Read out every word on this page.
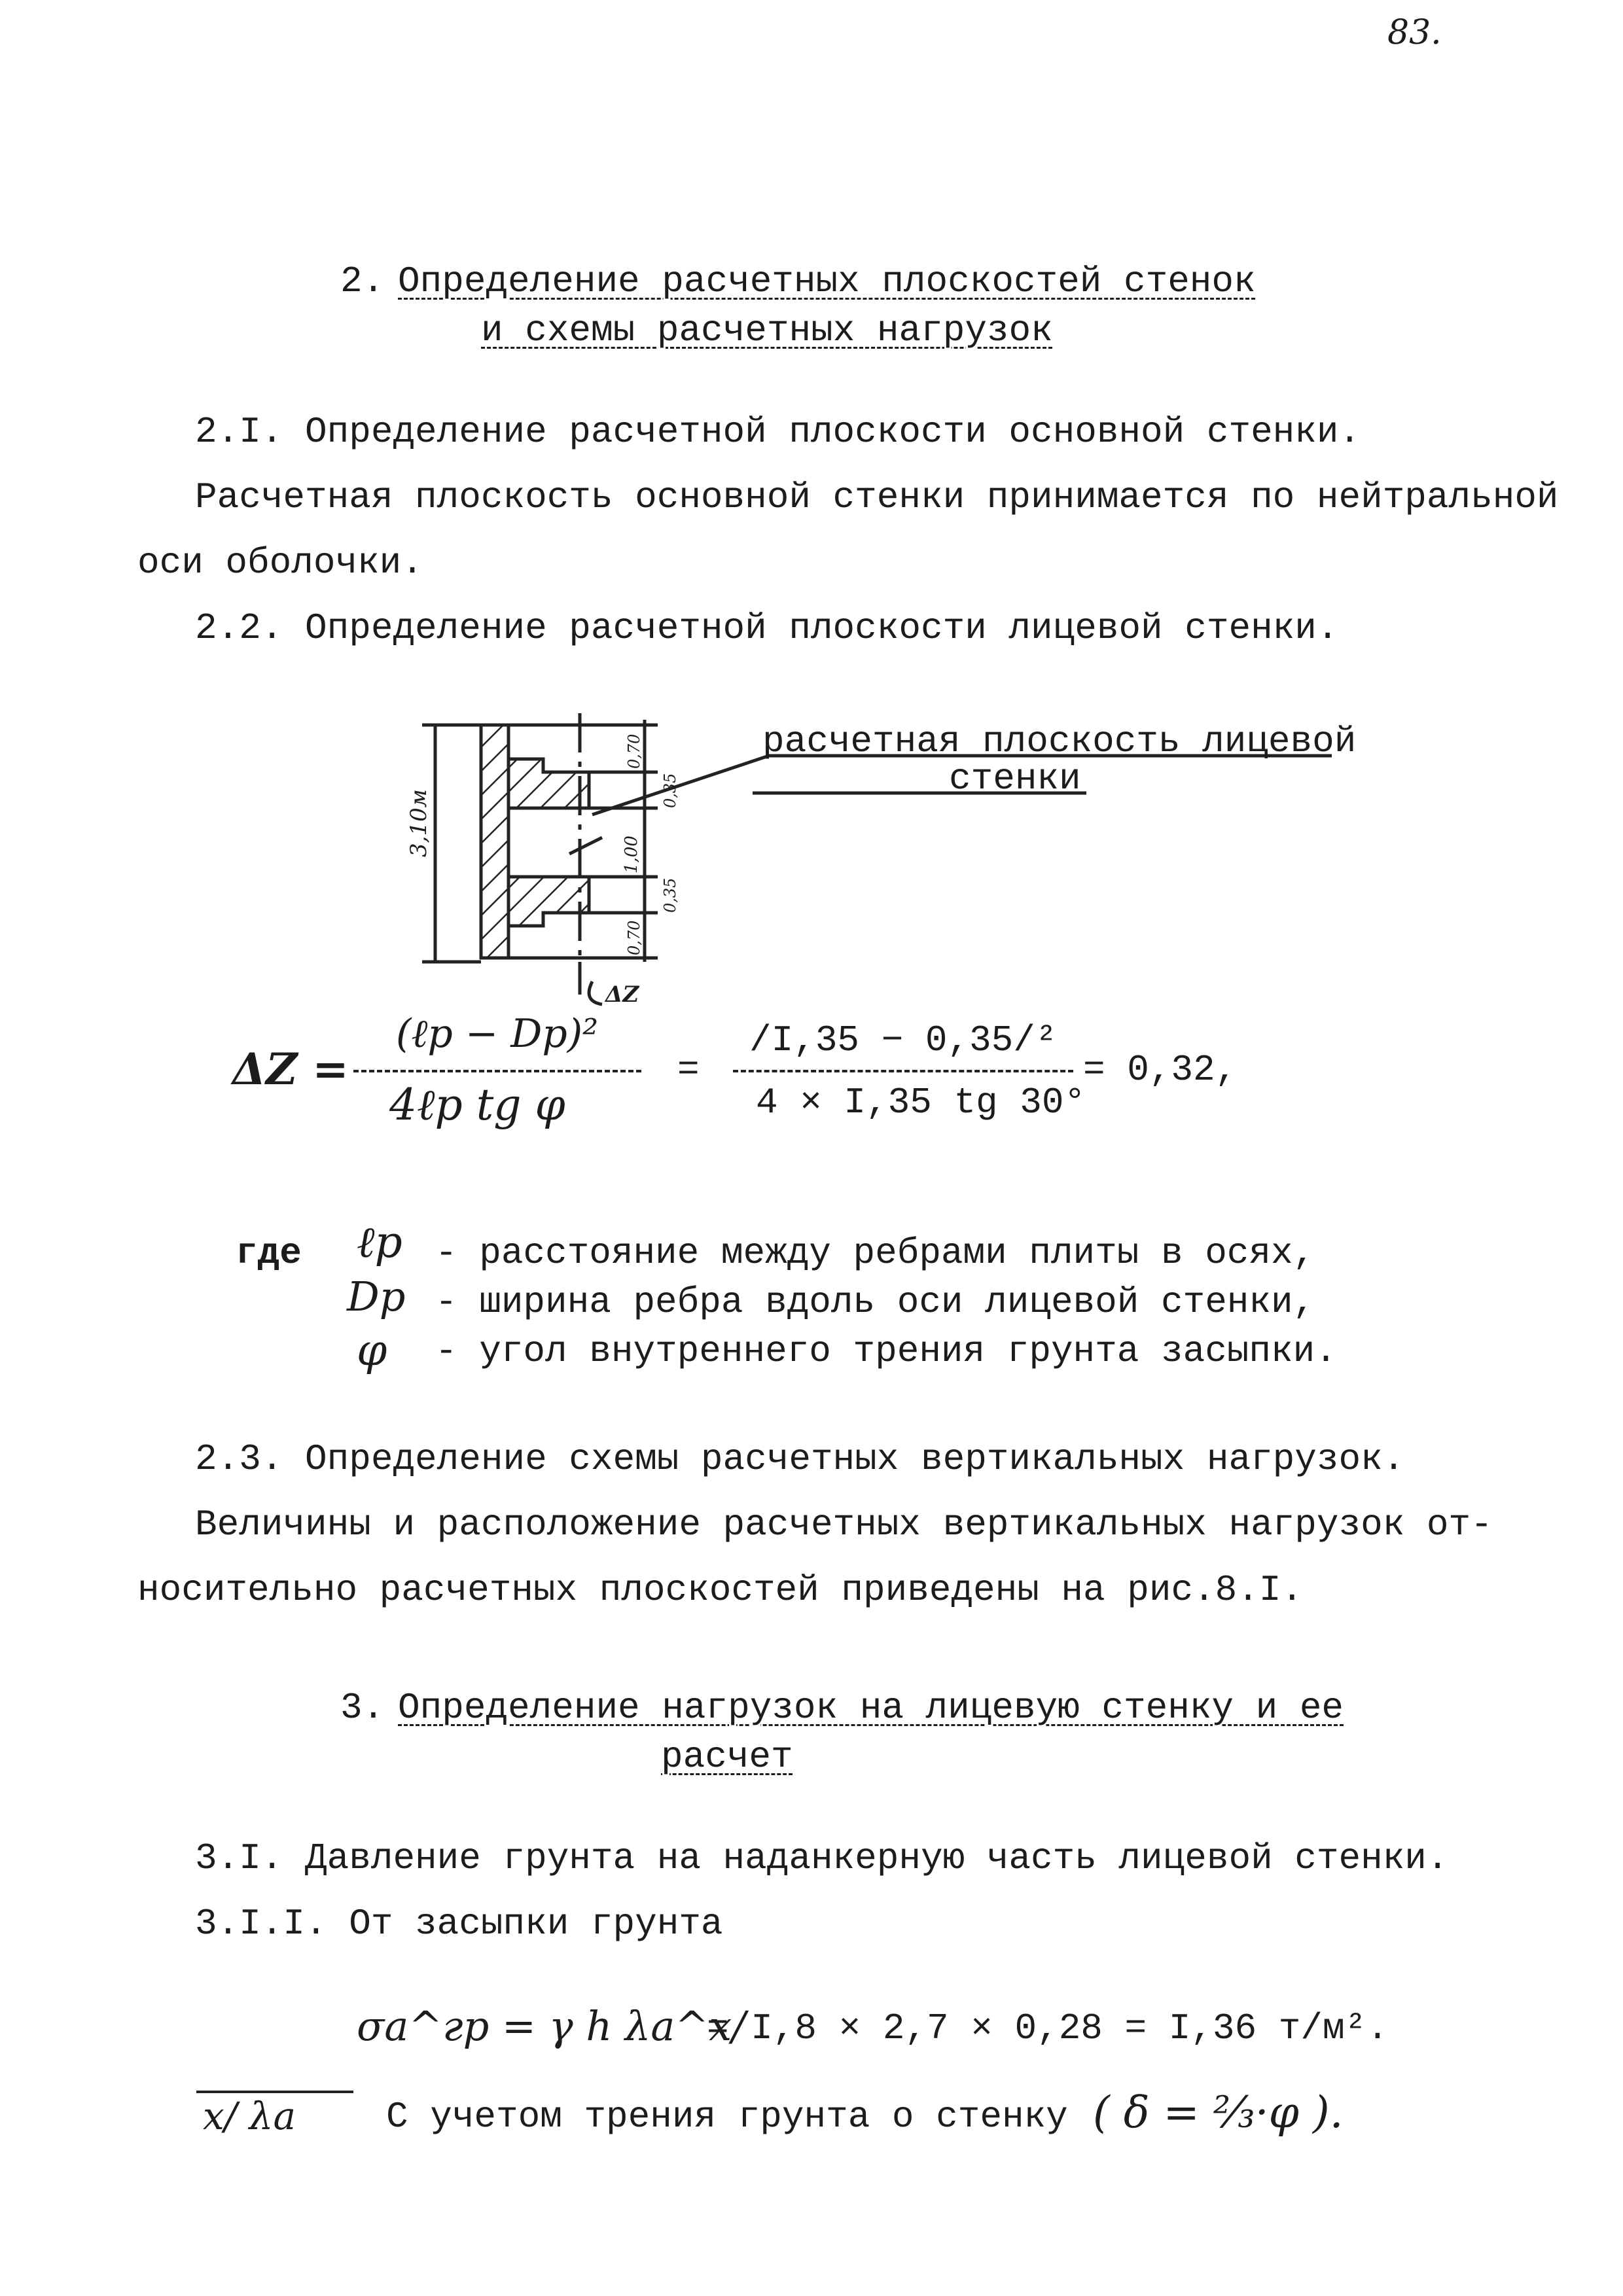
83.
2. Определение расчетных плоскостей стенок
и схемы расчетных нагрузок
2.I. Определение расчетной плоскости основной стенки.
Расчетная плоскость основной стенки принимается по нейтральной
оси оболочки.
2.2. Определение расчетной плоскости лицевой стенки.
расчетная плоскость лицевой
стенки
3,10м
0,70
0,35
1,00
0,35
0,70
ΔZ
ΔZ =
(ℓp − Dp)²
4ℓp tg φ
=
/I,35 − 0,35/²
4 × I,35 tg 30°
= 0,32,
где ℓp - расстояние между ребрами плиты в осях,
Dp - ширина ребра вдоль оси лицевой стенки,
φ - угол внутреннего трения грунта засыпки.
2.3. Определение схемы расчетных вертикальных нагрузок.
Величины и расположение расчетных вертикальных нагрузок от-
носительно расчетных плоскостей приведены на рис.8.I.
3. Определение нагрузок на лицевую стенку и ее
расчет
3.I. Давление грунта на наданкерную часть лицевой стенки.
3.I.I. От засыпки грунта
σa^гр = γ h λa^x/
= I,8 × 2,7 × 0,28 = I,36 т/м².
x/ λa С учетом трения грунта о стенку ( δ = ⅔·φ ).
